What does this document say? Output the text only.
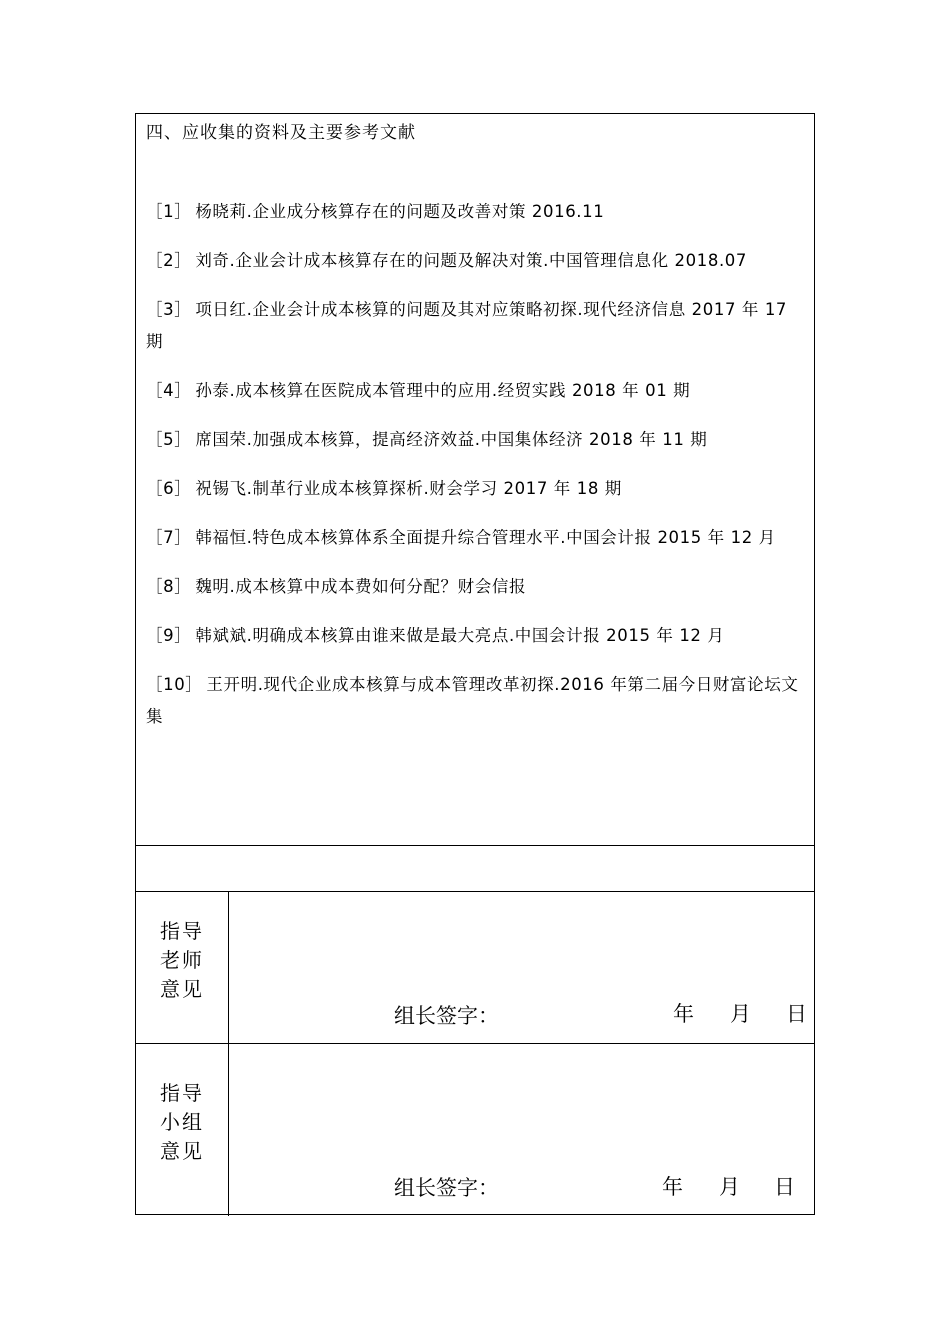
四、应收集的资料及主要参考文献
［1］ 杨晓莉.企业成分核算存在的问题及改善对策 2016.11
［2］ 刘奇.企业会计成本核算存在的问题及解决对策.中国管理信息化 2018.07
［3］ 项日红.企业会计成本核算的问题及其对应策略初探.现代经济信息 2017 年 17 期
［4］ 孙泰.成本核算在医院成本管理中的应用.经贸实践 2018 年 01 期
［5］ 席国荣.加强成本核算，提高经济效益.中国集体经济 2018 年 11 期
［6］ 祝锡飞.制革行业成本核算探析.财会学习 2017 年 18 期
［7］ 韩福恒.特色成本核算体系全面提升综合管理水平.中国会计报 2015 年 12 月
［8］ 魏明.成本核算中成本费如何分配？财会信报
［9］ 韩斌斌.明确成本核算由谁来做是最大亮点.中国会计报 2015 年 12 月
［10］ 王开明.现代企业成本核算与成本管理改革初探.2016 年第二届今日财富论坛文集
指导
老师
意见
组长签字：	年 月 日
指导
小组
意见
组长签字：	年 月 日
